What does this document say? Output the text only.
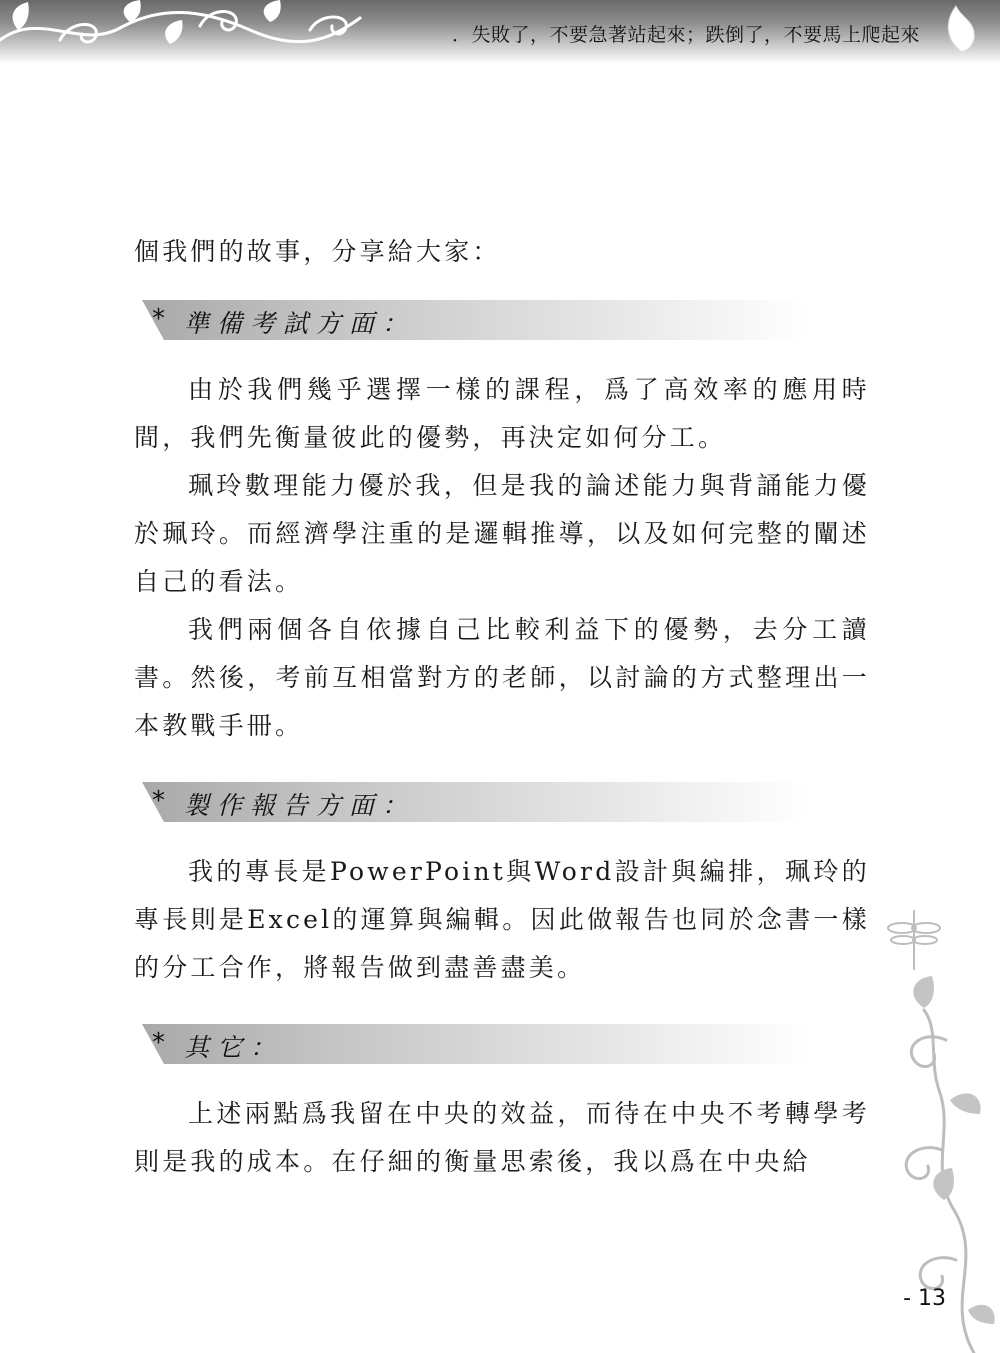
．失敗了，不要急著站起來；跌倒了，不要馬上爬起來

個我們的故事，分享給大家：

* 準備考試方面：

由於我們幾乎選擇一樣的課程，爲了高效率的應用時間，我們先衡量彼此的優勢，再決定如何分工。

珮玲數理能力優於我，但是我的論述能力與背誦能力優於珮玲。而經濟學注重的是邏輯推導，以及如何完整的闡述自己的看法。

我們兩個各自依據自己比較利益下的優勢，去分工讀書。然後，考前互相當對方的老師，以討論的方式整理出一本教戰手冊。

* 製作報告方面：

我的專長是PowerPoint與Word設計與編排，珮玲的專長則是Excel的運算與編輯。因此做報告也同於念書一樣的分工合作，將報告做到盡善盡美。

* 其它：

上述兩點爲我留在中央的效益，而待在中央不考轉學考則是我的成本。在仔細的衡量思索後，我以爲在中央給

- 13
